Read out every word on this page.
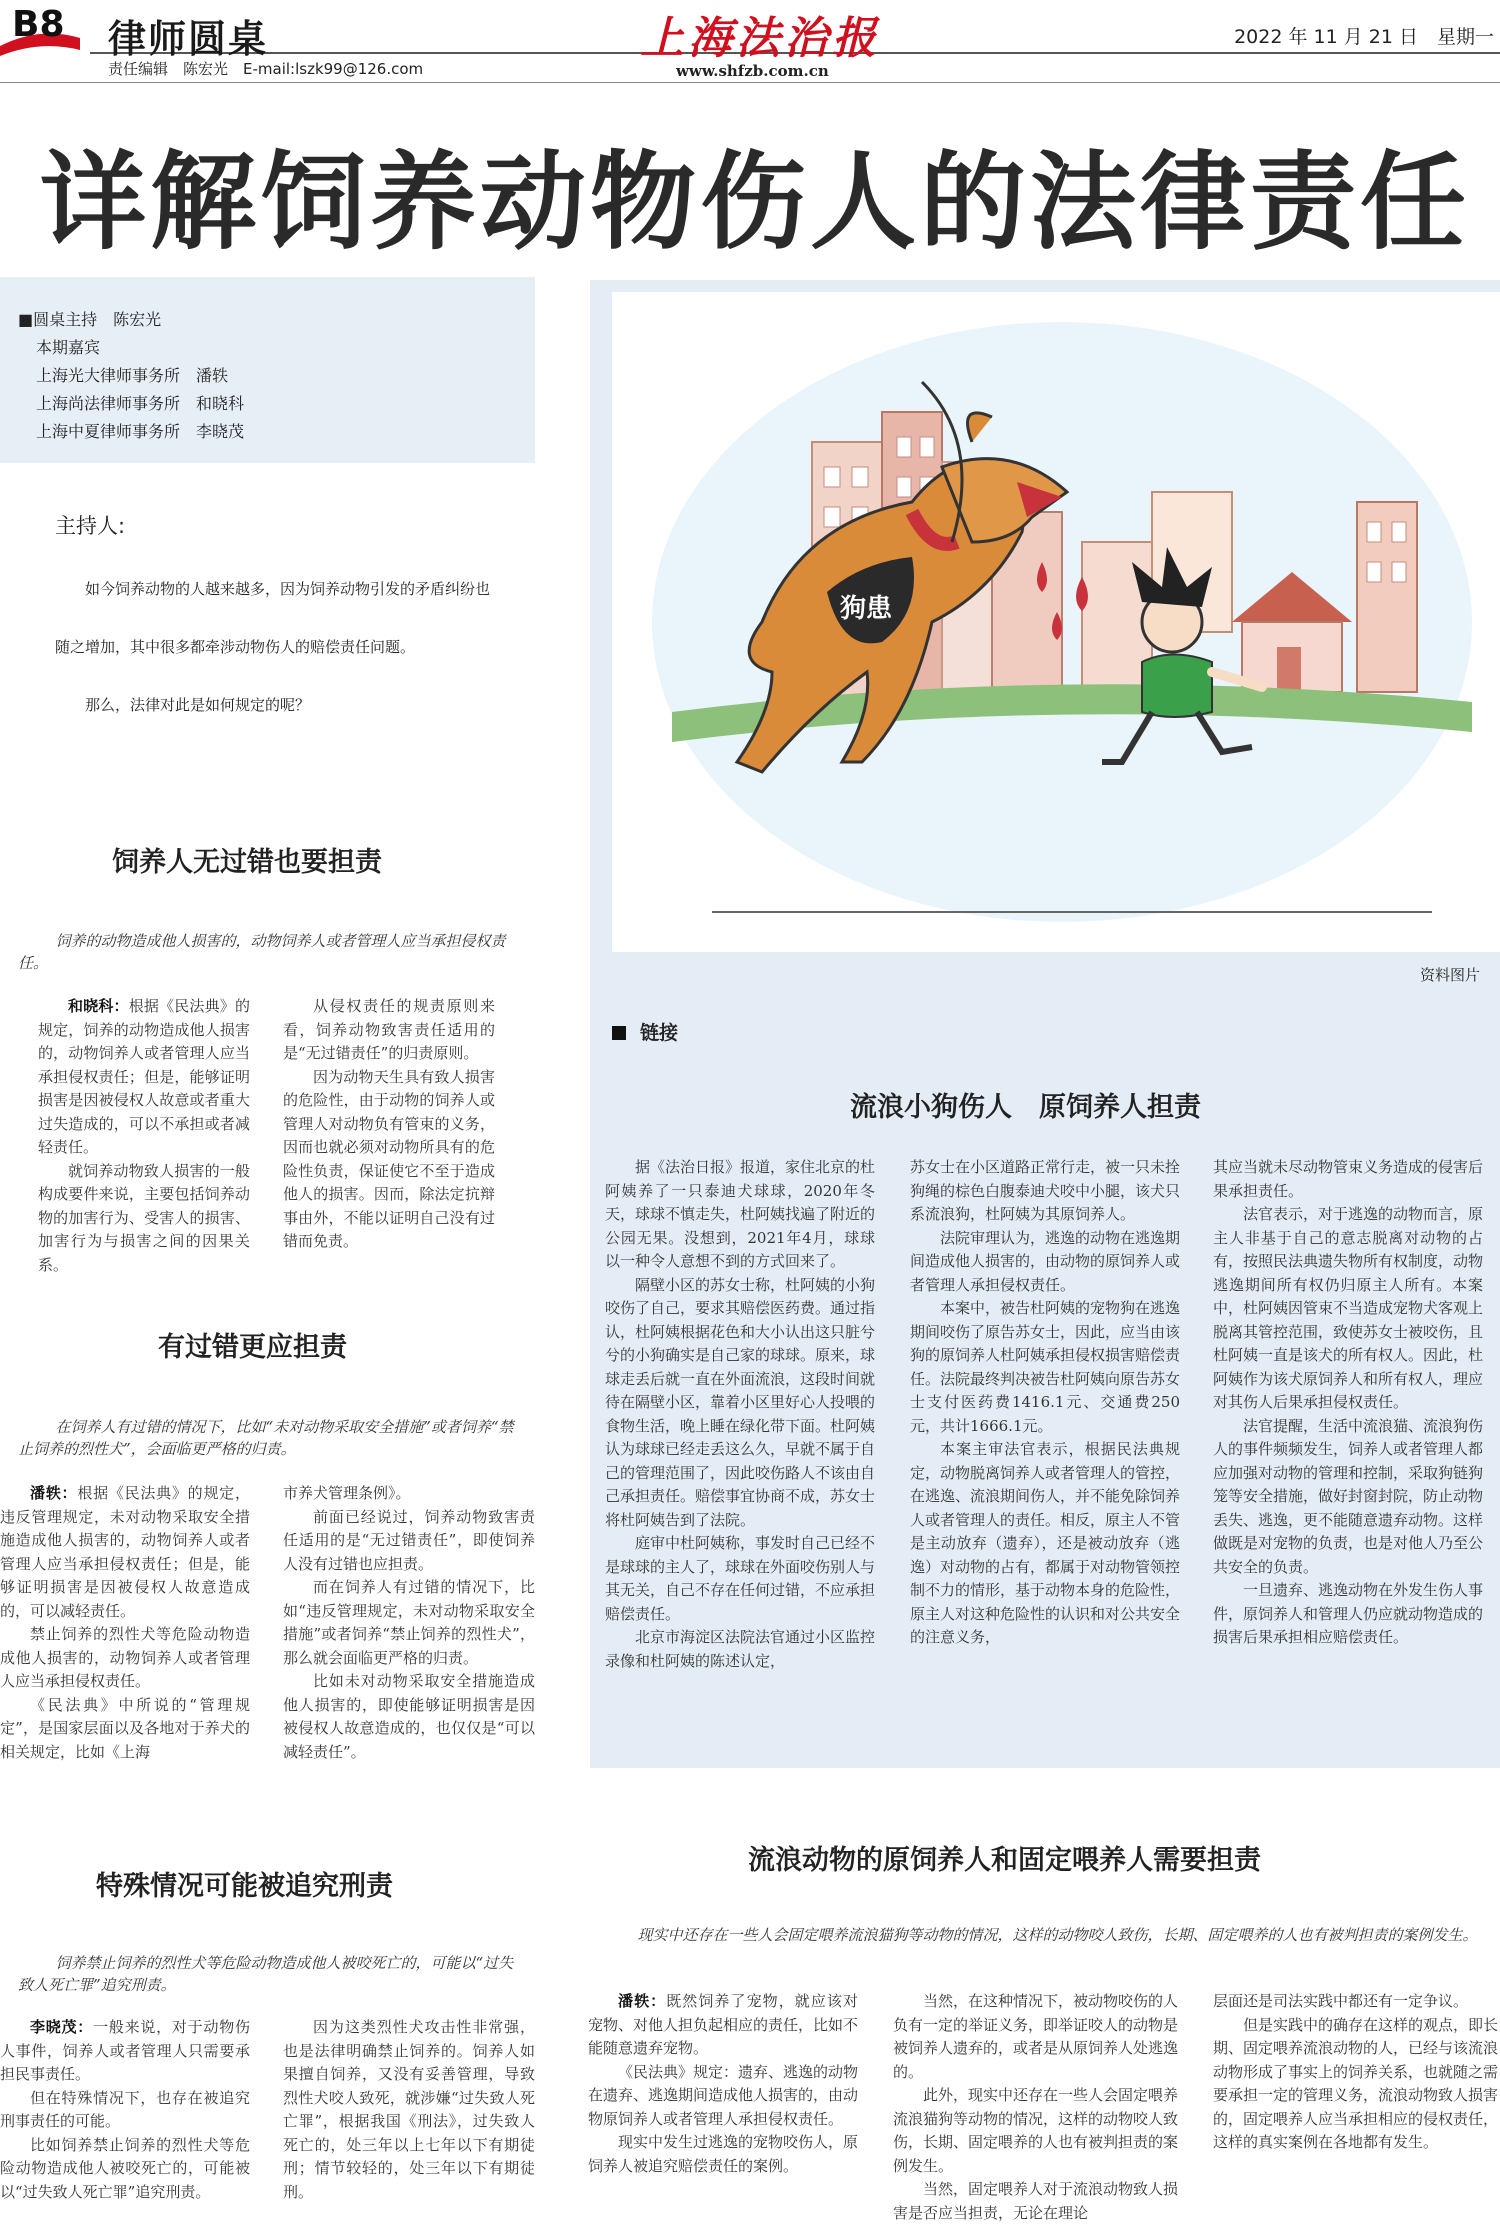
B8 律师圆桌
责任编辑　陈宏光　E-mail:lszk99@126.com
上海法治报
www.shfzb.com.cn
2022 年 11 月 21 日　星期一
详解饲养动物伤人的法律责任
■圆桌主持　陈宏光
本期嘉宾
上海光大律师事务所　潘轶
上海尚法律师事务所　和晓科
上海中夏律师事务所　李晓茂
主持人:

如今饲养动物的人越来越多，因为饲养动物引发的矛盾纠纷也随之增加，其中很多都牵涉动物伤人的赔偿责任问题。

那么，法律对此是如何规定的呢？

饲养人无过错也要担责
饲养的动物造成他人损害的，动物饲养人或者管理人应当承担侵权责任。

和晓科：根据《民法典》的规定，饲养的动物造成他人损害的，动物饲养人或者管理人应当承担侵权责任；但是，能够证明损害是因被侵权人故意或者重大过失造成的，可以不承担或者减轻责任。

就饲养动物致人损害的一般构成要件来说，主要包括饲养动物的加害行为、受害人的损害、加害行为与损害之间的因果关系。

从侵权责任的规责原则来看，饲养动物致害责任适用的是“无过错责任”的归责原则。

因为动物天生具有致人损害的危险性，由于动物的饲养人或管理人对动物负有管束的义务，因而也就必须对动物所具有的危险性负责，保证使它不至于造成他人的损害。因而，除法定抗辩事由外，不能以证明自己没有过错而免责。

有过错更应担责
在饲养人有过错的情况下，比如“未对动物采取安全措施”或者饲养“禁止饲养的烈性犬”，会面临更严格的归责。

潘轶：根据《民法典》的规定，违反管理规定，未对动物采取安全措施造成他人损害的，动物饲养人或者管理人应当承担侵权责任；但是，能够证明损害是因被侵权人故意造成的，可以减轻责任。

禁止饲养的烈性犬等危险动物造成他人损害的，动物饲养人或者管理人应当承担侵权责任。

《民法典》中所说的“管理规定”，是国家层面以及各地对于养犬的相关规定，比如《上海

市养犬管理条例》。

前面已经说过，饲养动物致害责任适用的是“无过错责任”，即使饲养人没有过错也应担责。

而在饲养人有过错的情况下，比如“违反管理规定，未对动物采取安全措施”或者饲养“禁止饲养的烈性犬”，那么就会面临更严格的归责。

比如未对动物采取安全措施造成他人损害的，即使能够证明损害是因被侵权人故意造成的，也仅仅是“可以减轻责任”。

特殊情况可能被追究刑责
饲养禁止饲养的烈性犬等危险动物造成他人被咬死亡的，可能以“过失致人死亡罪”追究刑责。

李晓茂：一般来说，对于动物伤人事件，饲养人或者管理人只需要承担民事责任。

但在特殊情况下，也存在被追究刑事责任的可能。

比如饲养禁止饲养的烈性犬等危险动物造成他人被咬死亡的，可能被以“过失致人死亡罪”追究刑责。

因为这类烈性犬攻击性非常强，也是法律明确禁止饲养的。饲养人如果擅自饲养，又没有妥善管理，导致烈性犬咬人致死，就涉嫌“过失致人死亡罪”，根据我国《刑法》，过失致人死亡的，处三年以上七年以下有期徒刑；情节较轻的，处三年以下有期徒刑。

狗患
资料图片
链接
流浪小狗伤人　原饲养人担责

据《法治日报》报道，家住北京的杜阿姨养了一只泰迪犬球球，2020年冬天，球球不慎走失，杜阿姨找遍了附近的公园无果。没想到，2021年4月，球球以一种令人意想不到的方式回来了。

隔壁小区的苏女士称，杜阿姨的小狗咬伤了自己，要求其赔偿医药费。通过指认，杜阿姨根据花色和大小认出这只脏兮兮的小狗确实是自己家的球球。原来，球球走丢后就一直在外面流浪，这段时间就待在隔壁小区，靠着小区里好心人投喂的食物生活，晚上睡在绿化带下面。杜阿姨认为球球已经走丢这么久，早就不属于自己的管理范围了，因此咬伤路人不该由自己承担责任。赔偿事宜协商不成，苏女士将杜阿姨告到了法院。

庭审中杜阿姨称，事发时自己已经不是球球的主人了，球球在外面咬伤别人与其无关，自己不存在任何过错，不应承担赔偿责任。

北京市海淀区法院法官通过小区监控录像和杜阿姨的陈述认定，

苏女士在小区道路正常行走，被一只未拴狗绳的棕色白腹泰迪犬咬中小腿，该犬只系流浪狗，杜阿姨为其原饲养人。

法院审理认为，逃逸的动物在逃逸期间造成他人损害的，由动物的原饲养人或者管理人承担侵权责任。

本案中，被告杜阿姨的宠物狗在逃逸期间咬伤了原告苏女士，因此，应当由该狗的原饲养人杜阿姨承担侵权损害赔偿责任。法院最终判决被告杜阿姨向原告苏女士支付医药费1416.1元、交通费250元，共计1666.1元。

本案主审法官表示，根据民法典规定，动物脱离饲养人或者管理人的管控，在逃逸、流浪期间伤人，并不能免除饲养人或者管理人的责任。相反，原主人不管是主动放弃（遗弃），还是被动放弃（逃逸）对动物的占有，都属于对动物管领控制不力的情形，基于动物本身的危险性，原主人对这种危险性的认识和对公共安全的注意义务，

其应当就未尽动物管束义务造成的侵害后果承担责任。

法官表示，对于逃逸的动物而言，原主人非基于自己的意志脱离对动物的占有，按照民法典遗失物所有权制度，动物逃逸期间所有权仍归原主人所有。本案中，杜阿姨因管束不当造成宠物犬客观上脱离其管控范围，致使苏女士被咬伤，且杜阿姨一直是该犬的所有权人。因此，杜阿姨作为该犬原饲养人和所有权人，理应对其伤人后果承担侵权责任。

法官提醒，生活中流浪猫、流浪狗伤人的事件频频发生，饲养人或者管理人都应加强对动物的管理和控制，采取狗链狗笼等安全措施，做好封窗封院，防止动物丢失、逃逸，更不能随意遗弃动物。这样做既是对宠物的负责，也是对他人乃至公共安全的负责。

一旦遗弃、逃逸动物在外发生伤人事件，原饲养人和管理人仍应就动物造成的损害后果承担相应赔偿责任。

流浪动物的原饲养人和固定喂养人需要担责
现实中还存在一些人会固定喂养流浪猫狗等动物的情况，这样的动物咬人致伤，长期、固定喂养的人也有被判担责的案例发生。

潘轶：既然饲养了宠物，就应该对宠物、对他人担负起相应的责任，比如不能随意遗弃宠物。

《民法典》规定：遗弃、逃逸的动物在遗弃、逃逸期间造成他人损害的，由动物原饲养人或者管理人承担侵权责任。

现实中发生过逃逸的宠物咬伤人，原饲养人被追究赔偿责任的案例。

当然，在这种情况下，被动物咬伤的人负有一定的举证义务，即举证咬人的动物是被饲养人遗弃的，或者是从原饲养人处逃逸的。

此外，现实中还存在一些人会固定喂养流浪猫狗等动物的情况，这样的动物咬人致伤，长期、固定喂养的人也有被判担责的案例发生。

当然，固定喂养人对于流浪动物致人损害是否应当担责，无论在理论

层面还是司法实践中都还有一定争议。

但是实践中的确存在这样的观点，即长期、固定喂养流浪动物的人，已经与该流浪动物形成了事实上的饲养关系，也就随之需要承担一定的管理义务，流浪动物致人损害的，固定喂养人应当承担相应的侵权责任，这样的真实案例在各地都有发生。
